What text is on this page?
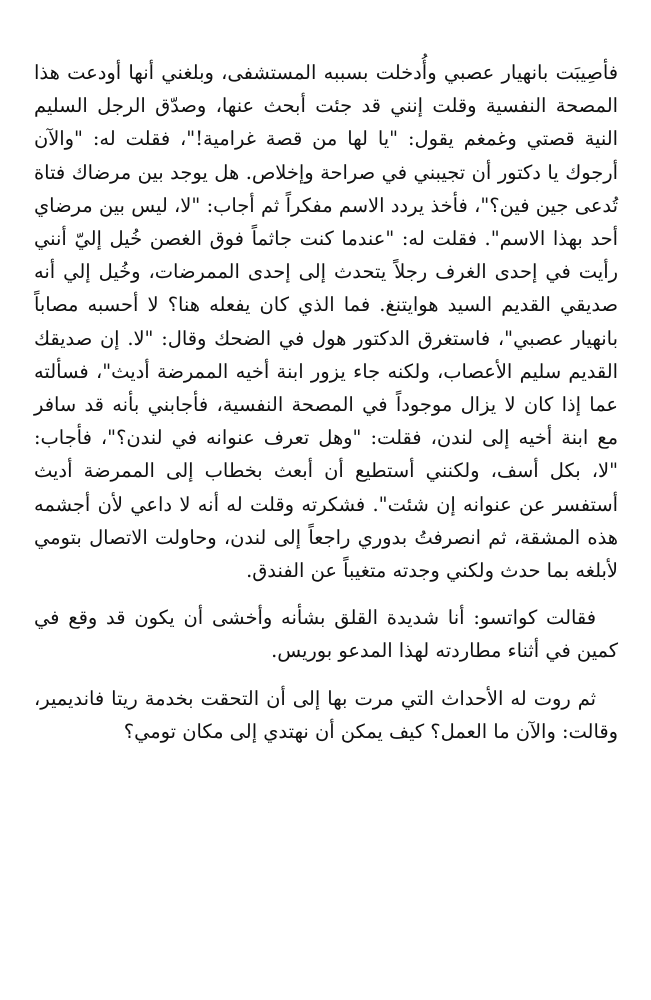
فأصِيبَت بانهيار عصبي وأُدخلت بسببه المستشفى، وبلغني أنها أودعت هذا المصحة النفسية وقلت إنني قد جئت أبحث عنها، وصدّق الرجل السليم النية قصتي وغمغم يقول: "يا لها من قصة غرامية!"، فقلت له: "والآن أرجوك يا دكتور أن تجيبني في صراحة وإخلاص. هل يوجد بين مرضاك فتاة تُدعى جين فين؟"، فأخذ يردد الاسم مفكراً ثم أجاب: "لا، ليس بين مرضاي أحد بهذا الاسم". فقلت له: "عندما كنت جاثماً فوق الغصن خُيل إليّ أنني رأيت في إحدى الغرف رجلاً يتحدث إلى إحدى الممرضات، وخُيل إلي أنه صديقي القديم السيد هوايتنغ. فما الذي كان يفعله هنا؟ لا أحسبه مصاباً بانهيار عصبي"، فاستغرق الدكتور هول في الضحك وقال: "لا. إن صديقك القديم سليم الأعصاب، ولكنه جاء يزور ابنة أخيه الممرضة أديث"، فسألته عما إذا كان لا يزال موجوداً في المصحة النفسية، فأجابني بأنه قد سافر مع ابنة أخيه إلى لندن، فقلت: "وهل تعرف عنوانه في لندن؟"، فأجاب: "لا، بكل أسف، ولكنني أستطيع أن أبعث بخطاب إلى الممرضة أديث أستفسر عن عنوانه إن شئت". فشكرته وقلت له أنه لا داعي لأن أجشمه هذه المشقة، ثم انصرفتُ بدوري راجعاً إلى لندن، وحاولت الاتصال بتومي لأبلغه بما حدث ولكني وجدته متغيباً عن الفندق.

فقالت كواتسو: أنا شديدة القلق بشأنه وأخشى أن يكون قد وقع في كمين في أثناء مطاردته لهذا المدعو بوريس.

ثم روت له الأحداث التي مرت بها إلى أن التحقت بخدمة ريتا فانديمير، وقالت: والآن ما العمل؟ كيف يمكن أن نهتدي إلى مكان تومي؟
